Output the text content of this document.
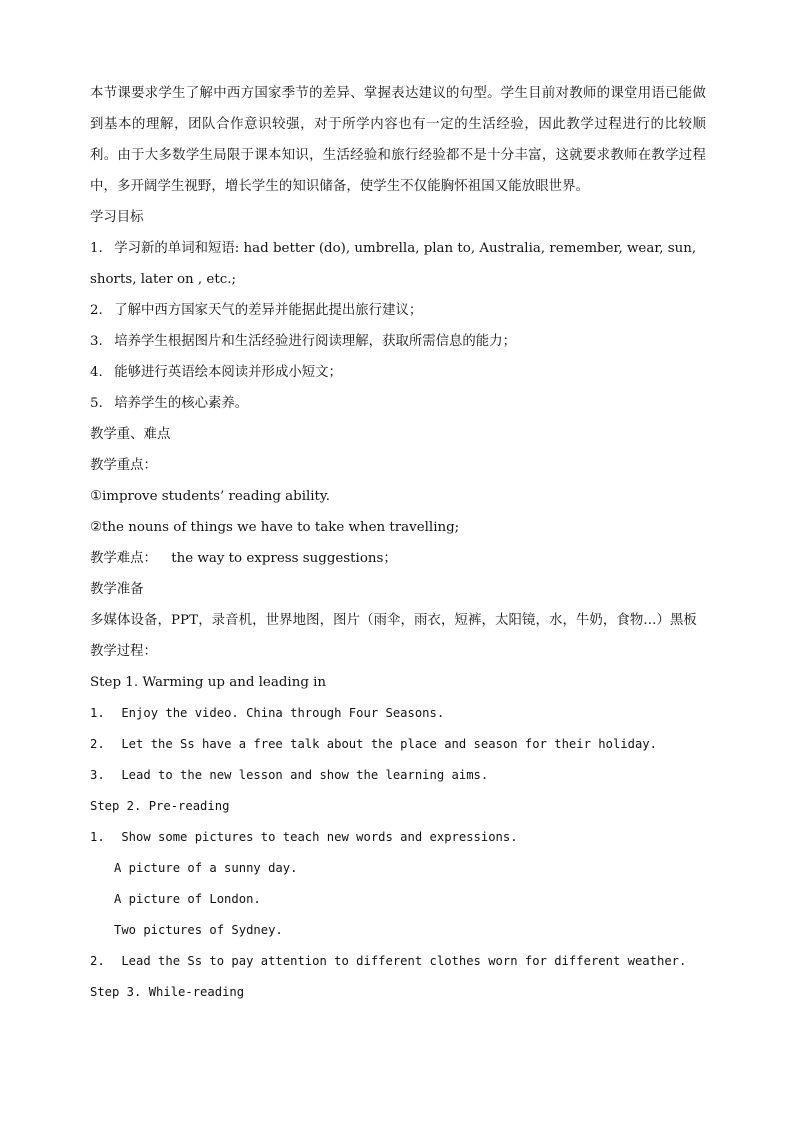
本节课要求学生了解中西方国家季节的差异、掌握表达建议的句型。学生目前对教师的课堂用语已能做到基本的理解，团队合作意识较强，对于所学内容也有一定的生活经验，因此教学过程进行的比较顺利。由于大多数学生局限于课本知识，生活经验和旅行经验都不是十分丰富，这就要求教师在教学过程中，多开阔学生视野，增长学生的知识储备，使学生不仅能胸怀祖国又能放眼世界。

学习目标

1. 学习新的单词和短语: had better (do), umbrella, plan to, Australia, remember, wear, sun, shorts, later on , etc.;

2. 了解中西方国家天气的差异并能据此提出旅行建议；

3. 培养学生根据图片和生活经验进行阅读理解，获取所需信息的能力；

4. 能够进行英语绘本阅读并形成小短文；

5. 培养学生的核心素养。

教学重、难点

教学重点：

①improve students’ reading ability.

②the nouns of things we have to take when travelling;

教学难点： the way to express suggestions；

教学准备

多媒体设备，PPT，录音机，世界地图，图片（雨伞，雨衣，短裤，太阳镜，水，牛奶，食物...）黑板

教学过程：

Step 1. Warming up and leading in

1. Enjoy the video. China through Four Seasons.

2. Let the Ss have a free talk about the place and season for their holiday.

3. Lead to the new lesson and show the learning aims.

Step 2. Pre-reading

1. Show some pictures to teach new words and expressions.

A picture of a sunny day.

A picture of London.

Two pictures of Sydney.

2. Lead the Ss to pay attention to different clothes worn for different weather.

Step 3. While-reading
